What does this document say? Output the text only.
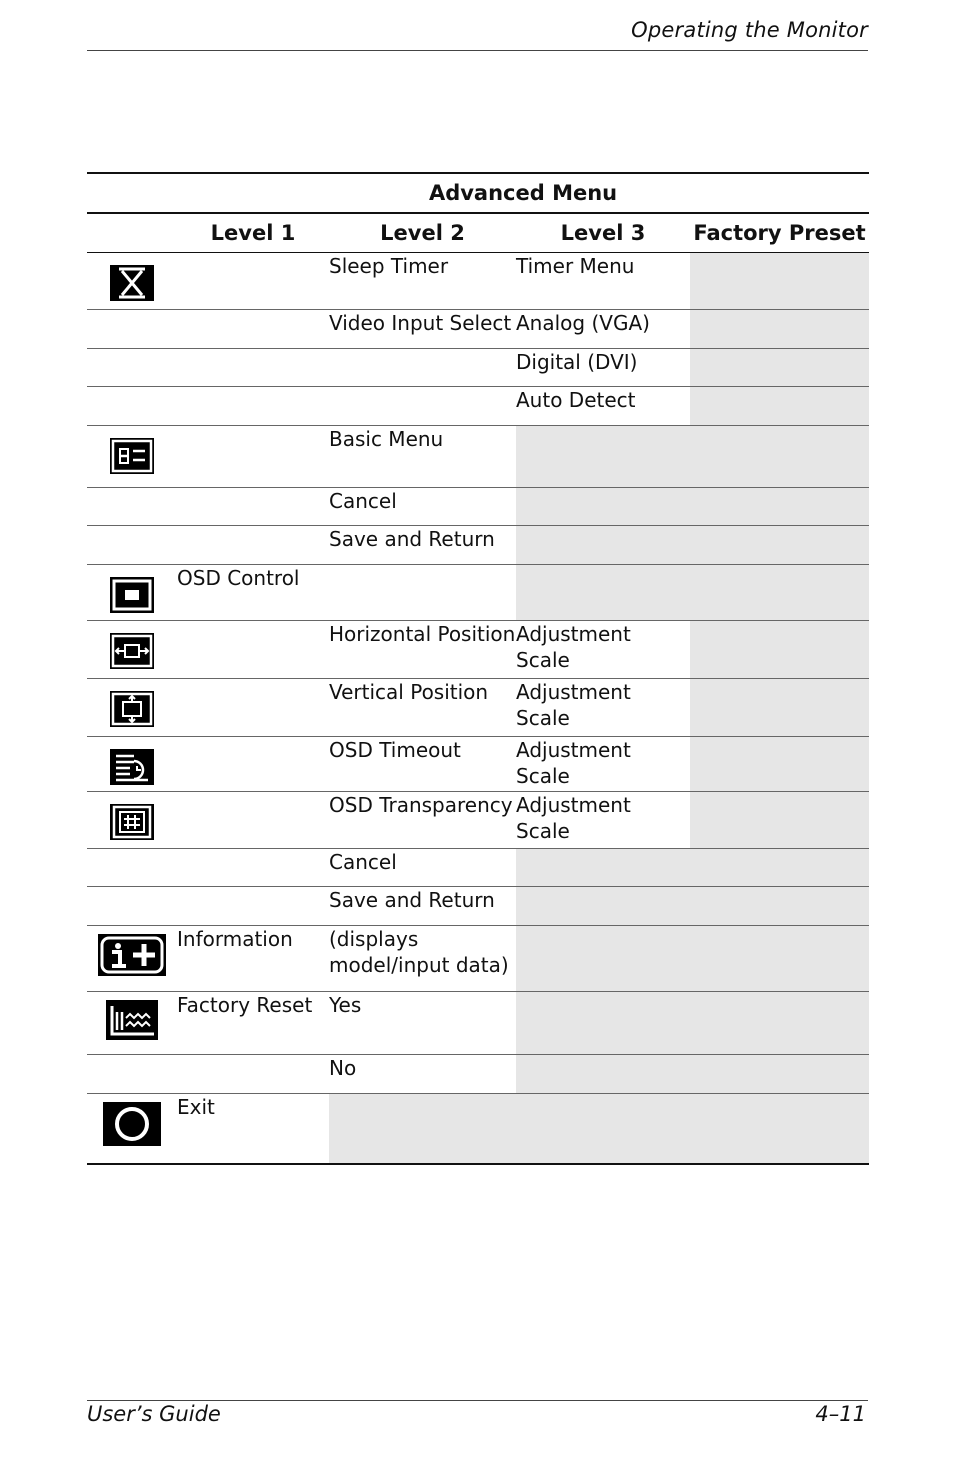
Operating the Monitor
Advanced Menu				
	Level 1	Level 2	Level 3	Factory Preset
		Sleep Timer	Timer Menu	
		Video Input Select	Analog (VGA)	
			Digital (DVI)	
			Auto Detect	
		Basic Menu		
		Cancel		
		Save and Return		
	OSD Control			
		Horizontal Position	Adjustment Scale	
		Vertical Position	Adjustment Scale	
		OSD Timeout	Adjustment Scale	
		OSD Transparency	Adjustment Scale	
		Cancel		
		Save and Return		
	Information	(displays model/input data)		
	Factory Reset	Yes		
		No		
	Exit			
User’s Guide	4–11
